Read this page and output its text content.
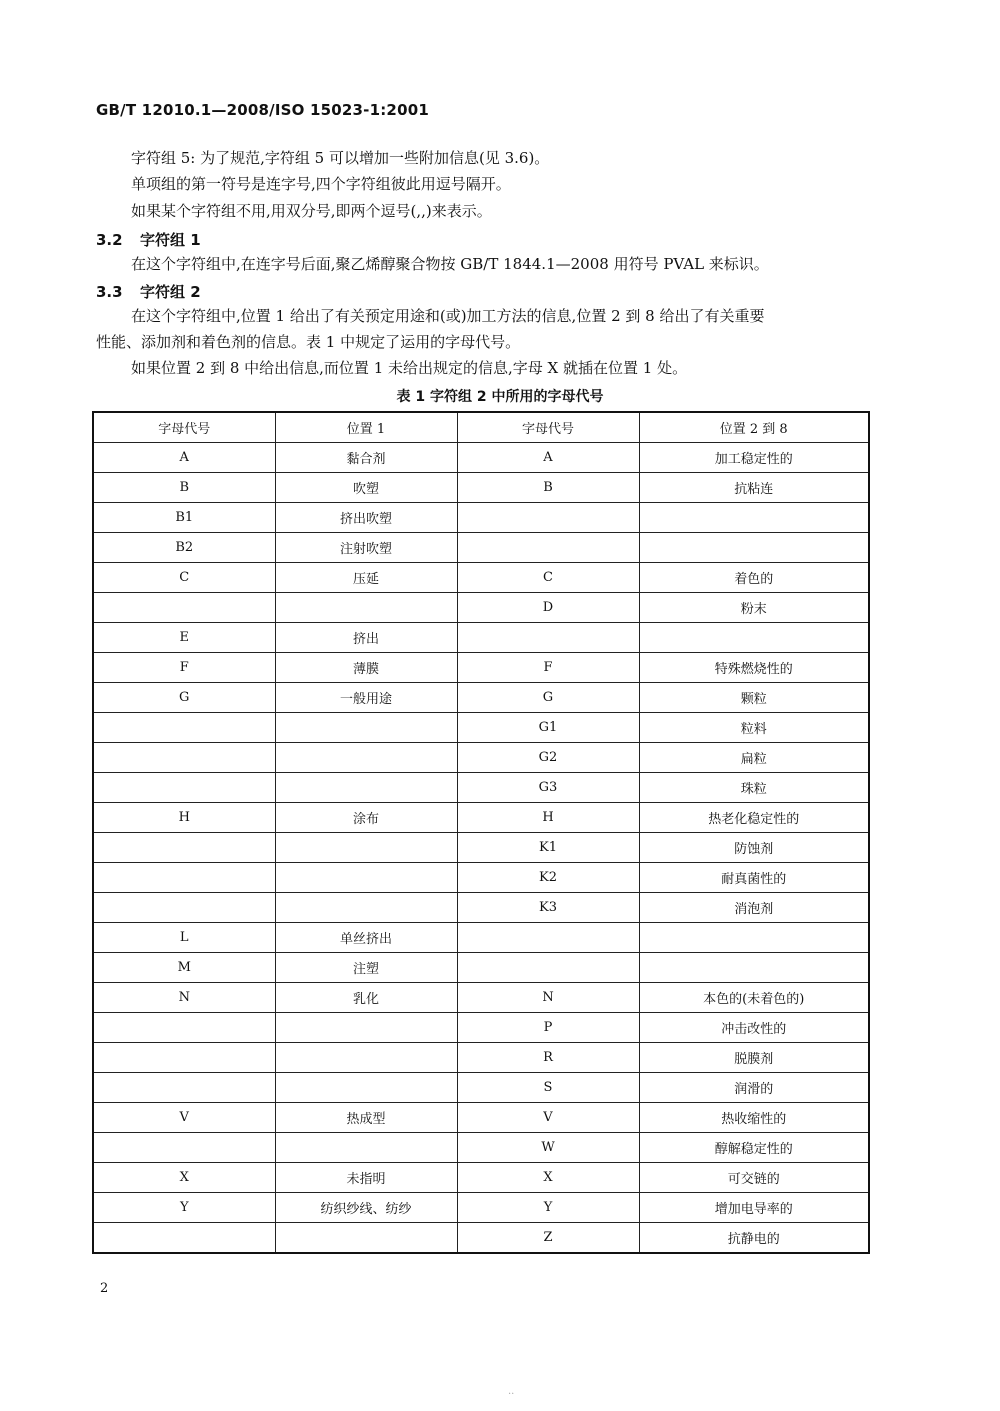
GB/T 12010.1—2008/ISO 15023-1:2001
字符组 5: 为了规范,字符组 5 可以增加一些附加信息(见 3.6)。
单项组的第一符号是连字号,四个字符组彼此用逗号隔开。
如果某个字符组不用,用双分号,即两个逗号(,,)来表示。
3.2 字符组 1
在这个字符组中,在连字号后面,聚乙烯醇聚合物按 GB/T 1844.1—2008 用符号 PVAL 来标识。
3.3 字符组 2
在这个字符组中,位置 1 给出了有关预定用途和(或)加工方法的信息,位置 2 到 8 给出了有关重要
性能、添加剂和着色剂的信息。表 1 中规定了运用的字母代号。
如果位置 2 到 8 中给出信息,而位置 1 未给出规定的信息,字母 X 就插在位置 1 处。
表 1 字符组 2 中所用的字母代号
字母代号	位置 1	字母代号	位置 2 到 8
A	黏合剂	A	加工稳定性的
B	吹塑	B	抗粘连
B1	挤出吹塑		
B2	注射吹塑		
C	压延	C	着色的
		D	粉末
E	挤出		
F	薄膜	F	特殊燃烧性的
G	一般用途	G	颗粒
		G1	粒料
		G2	扁粒
		G3	珠粒
H	涂布	H	热老化稳定性的
		K1	防蚀剂
		K2	耐真菌性的
		K3	消泡剂
L	单丝挤出		
M	注塑		
N	乳化	N	本色的(未着色的)
		P	冲击改性的
		R	脱膜剂
		S	润滑的
V	热成型	V	热收缩性的
		W	醇解稳定性的
X	未指明	X	可交链的
Y	纺织纱线、纺纱	Y	增加电导率的
		Z	抗静电的
2
..
